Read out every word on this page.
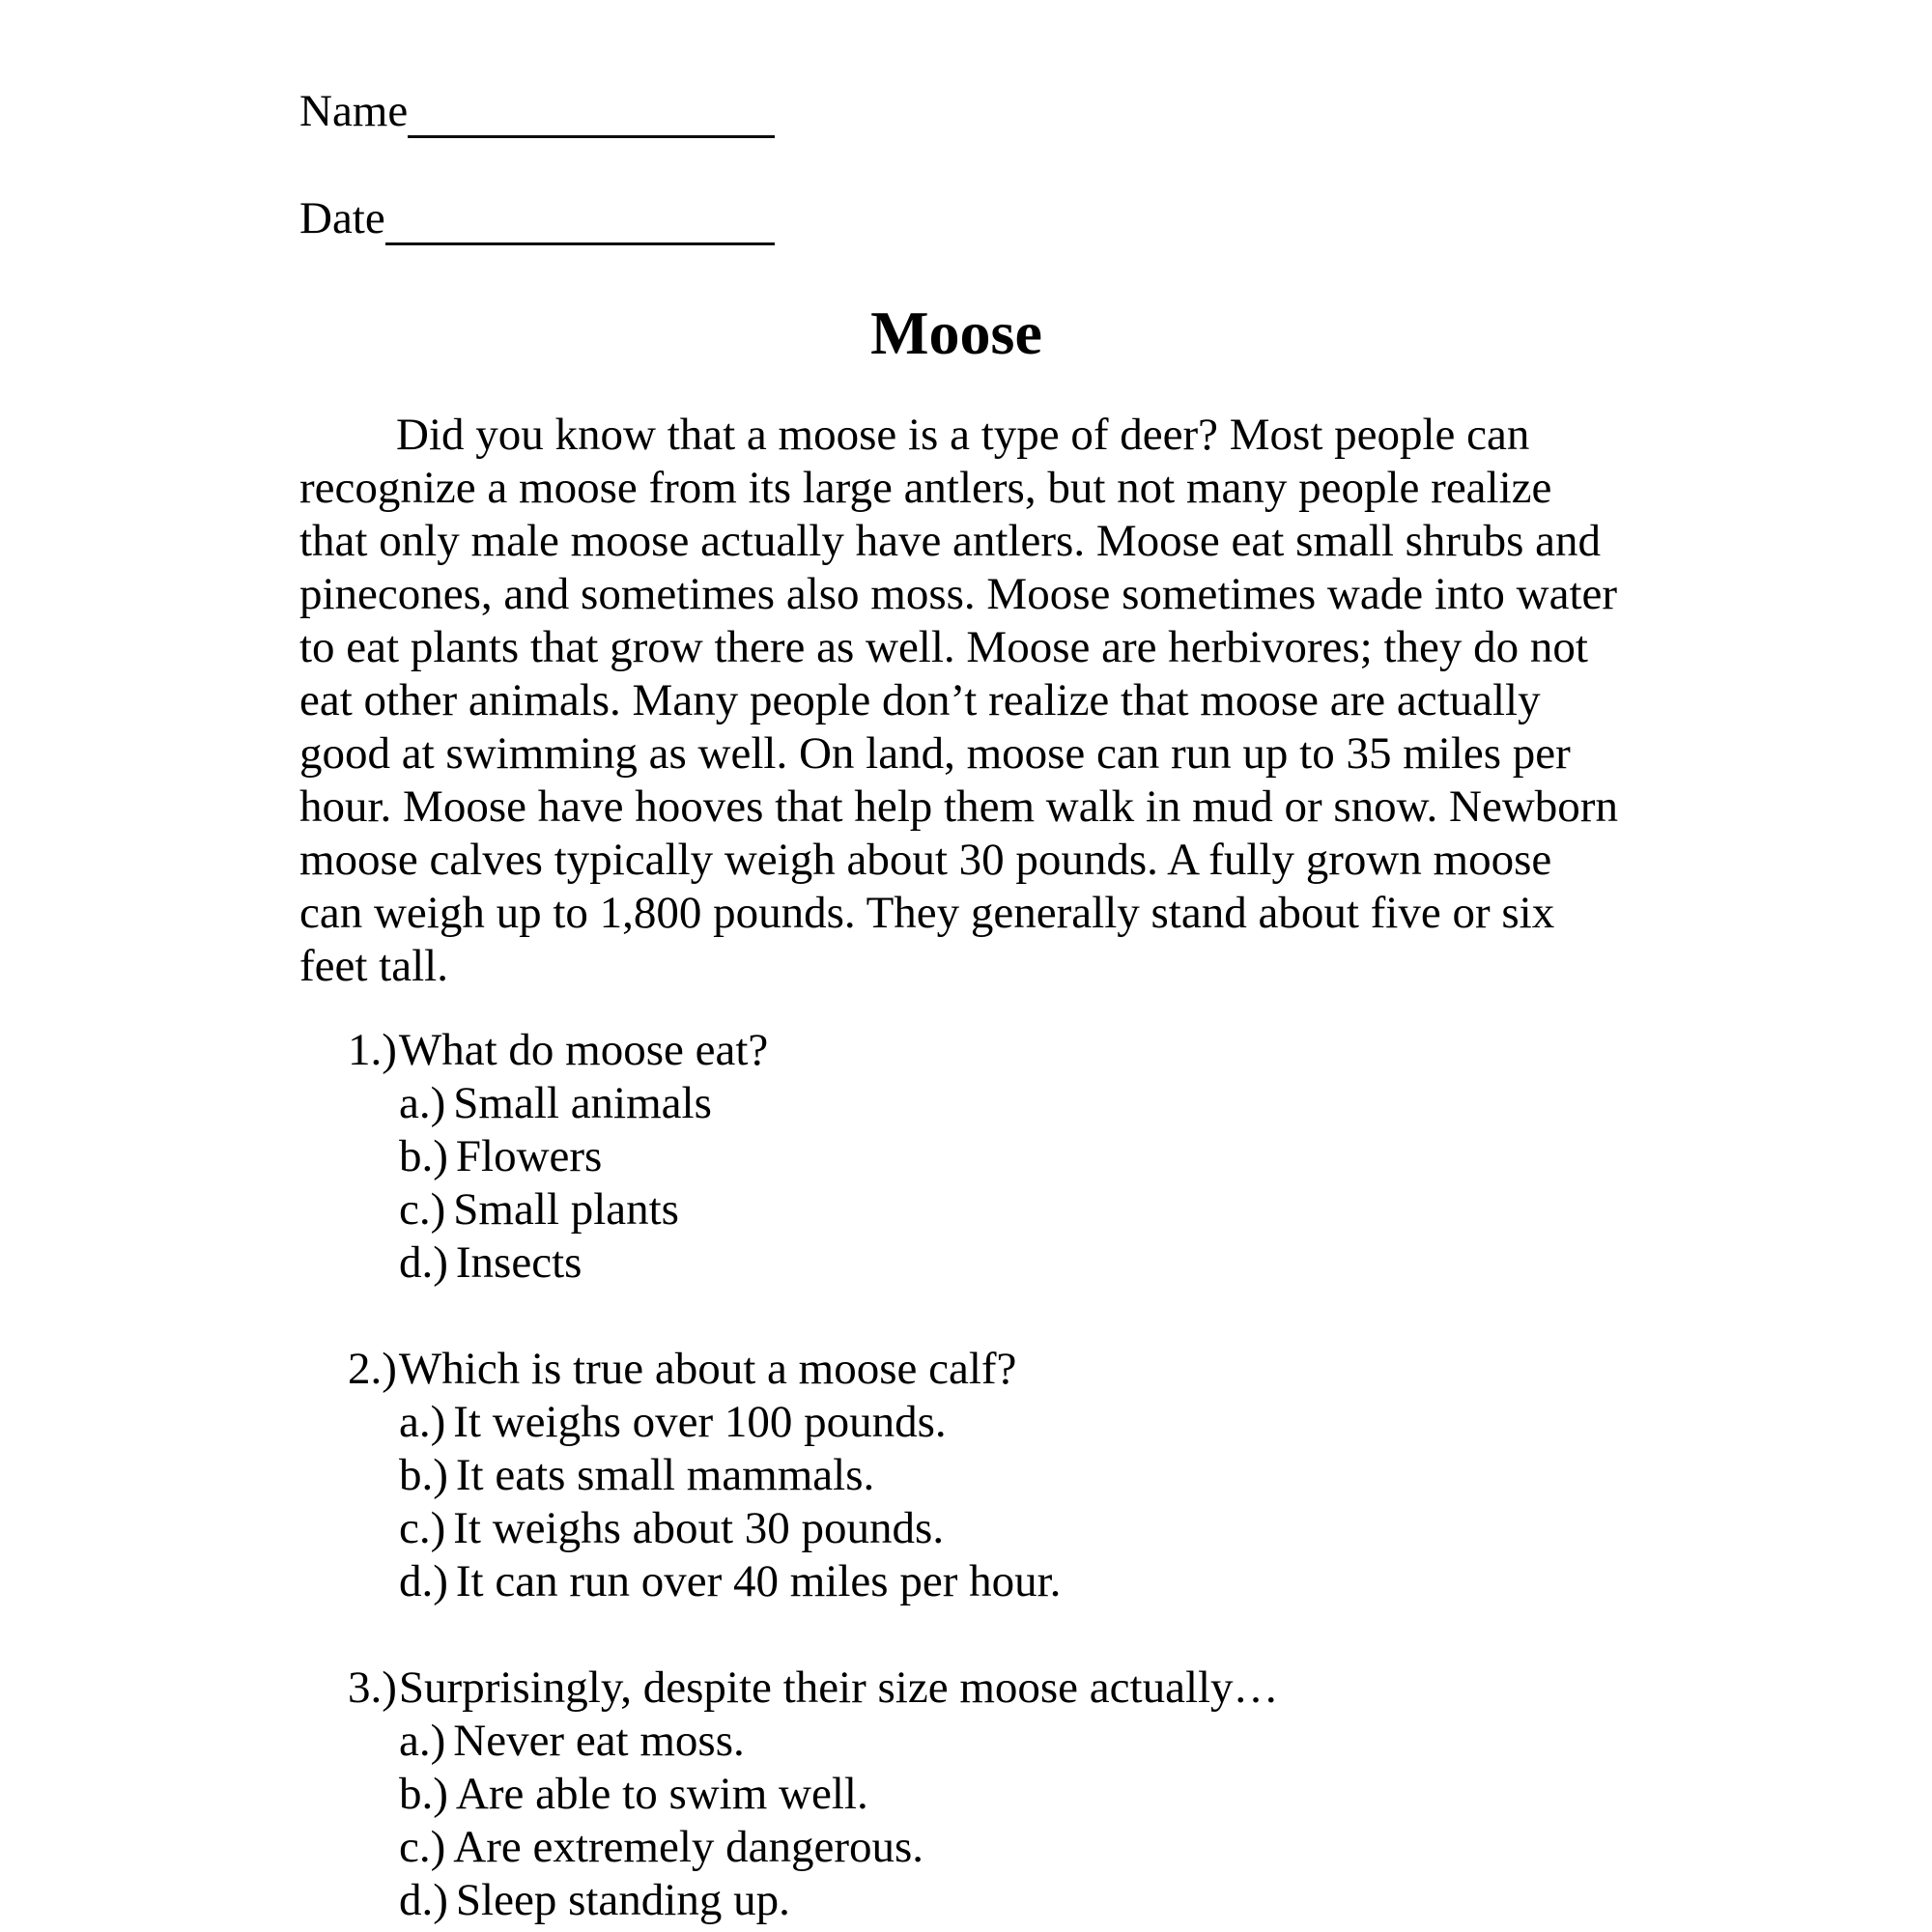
Name
Date
Moose
Did you know that a moose is a type of deer? Most people can
recognize a moose from its large antlers, but not many people realize
that only male moose actually have antlers. Moose eat small shrubs and
pinecones, and sometimes also moss. Moose sometimes wade into water
to eat plants that grow there as well. Moose are herbivores; they do not
eat other animals. Many people don’t realize that moose are actually
good at swimming as well. On land, moose can run up to 35 miles per
hour. Moose have hooves that help them walk in mud or snow. Newborn
moose calves typically weigh about 30 pounds. A fully grown moose
can weigh up to 1,800 pounds. They generally stand about five or six
feet tall.
1.)What do moose eat?
a.) Small animals
b.) Flowers
c.) Small plants
d.) Insects
2.)Which is true about a moose calf?
a.) It weighs over 100 pounds.
b.) It eats small mammals.
c.) It weighs about 30 pounds.
d.) It can run over 40 miles per hour.
3.)Surprisingly, despite their size moose actually…
a.) Never eat moss.
b.) Are able to swim well.
c.) Are extremely dangerous.
d.) Sleep standing up.
